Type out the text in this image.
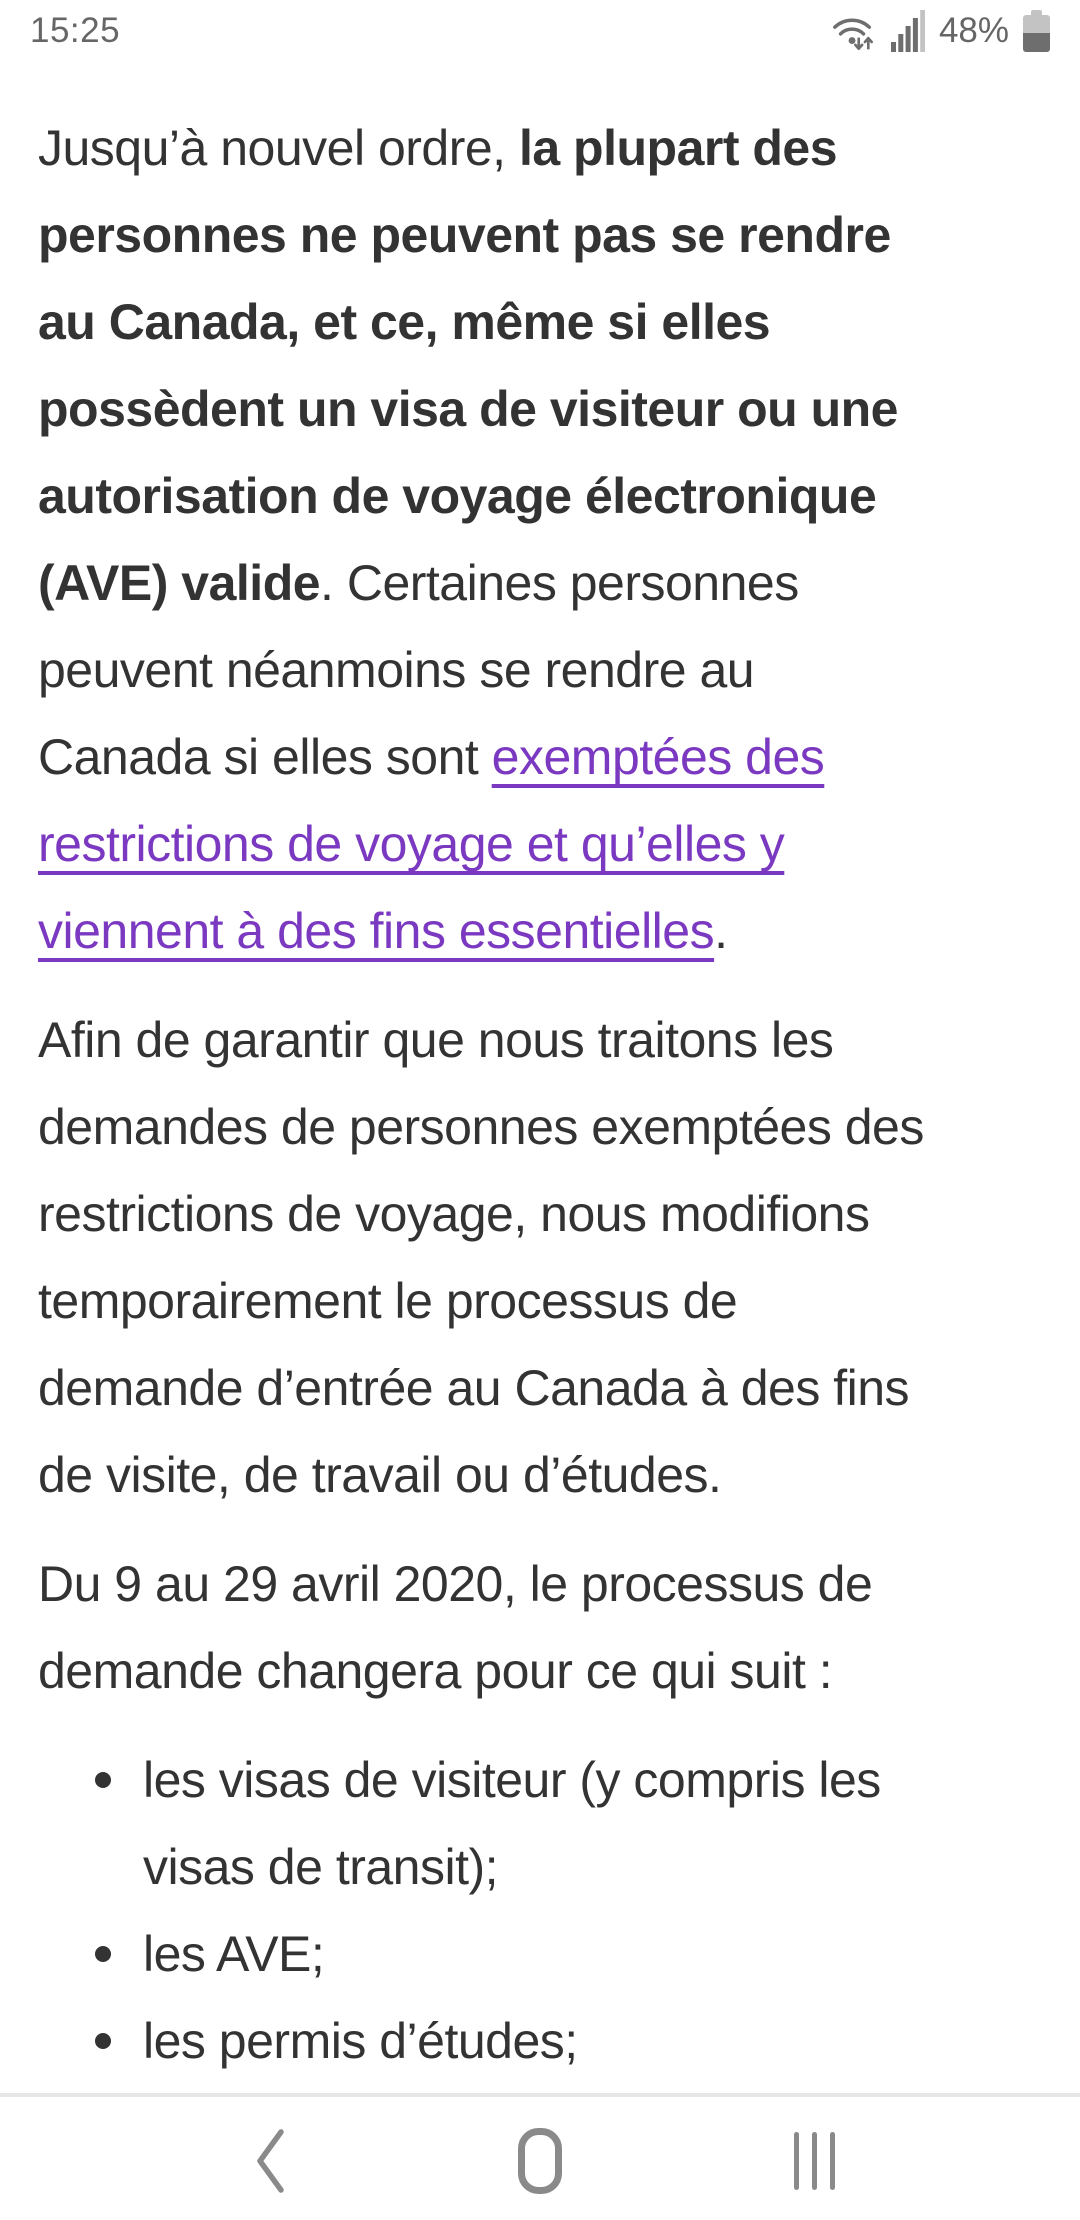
15:25	48%
Jusqu’à nouvel ordre, la plupart des
personnes ne peuvent pas se rendre
au Canada, et ce, même si elles
possèdent un visa de visiteur ou une
autorisation de voyage électronique
(AVE) valide. Certaines personnes
peuvent néanmoins se rendre au
Canada si elles sont exemptées des
restrictions de voyage et qu’elles y
viennent à des fins essentielles.
Afin de garantir que nous traitons les
demandes de personnes exemptées des
restrictions de voyage, nous modifions
temporairement le processus de
demande d’entrée au Canada à des fins
de visite, de travail ou d’études.
Du 9 au 29 avril 2020, le processus de
demande changera pour ce qui suit :
les visas de visiteur (y compris les
visas de transit);
les AVE;
les permis d’études;
